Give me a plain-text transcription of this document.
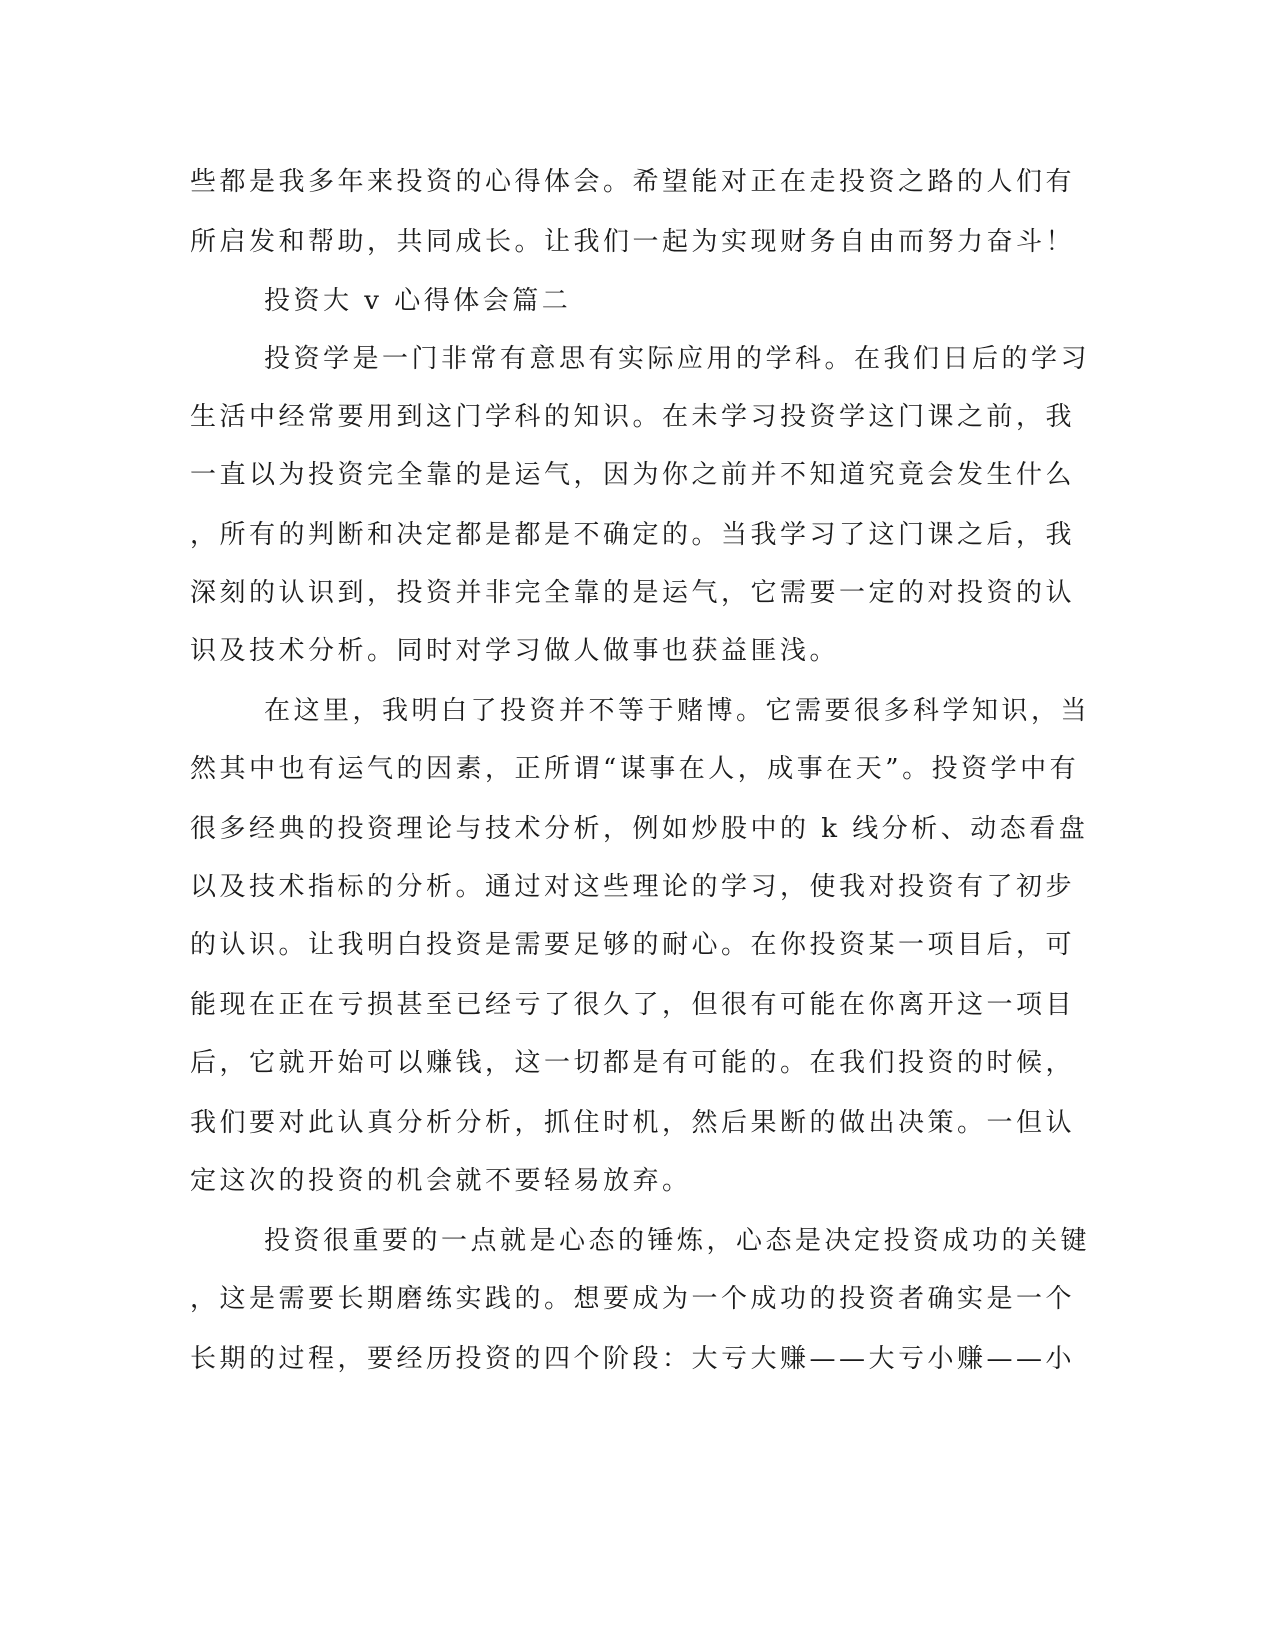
些都是我多年来投资的心得体会。希望能对正在走投资之路的人们有

所启发和帮助，共同成长。让我们一起为实现财务自由而努力奋斗！

投资大 v 心得体会篇二

投资学是一门非常有意思有实际应用的学科。在我们日后的学习

生活中经常要用到这门学科的知识。在未学习投资学这门课之前，我

一直以为投资完全靠的是运气，因为你之前并不知道究竟会发生什么

，所有的判断和决定都是都是不确定的。当我学习了这门课之后，我

深刻的认识到，投资并非完全靠的是运气，它需要一定的对投资的认

识及技术分析。同时对学习做人做事也获益匪浅。

在这里，我明白了投资并不等于赌博。它需要很多科学知识，当

然其中也有运气的因素，正所谓“谋事在人，成事在天”。投资学中有

很多经典的投资理论与技术分析，例如炒股中的 k 线分析、动态看盘

以及技术指标的分析。通过对这些理论的学习，使我对投资有了初步

的认识。让我明白投资是需要足够的耐心。在你投资某一项目后，可

能现在正在亏损甚至已经亏了很久了，但很有可能在你离开这一项目

后，它就开始可以赚钱，这一切都是有可能的。在我们投资的时候，

我们要对此认真分析分析，抓住时机，然后果断的做出决策。一但认

定这次的投资的机会就不要轻易放弃。

投资很重要的一点就是心态的锤炼，心态是决定投资成功的关键

，这是需要长期磨练实践的。想要成为一个成功的投资者确实是一个

长期的过程，要经历投资的四个阶段：大亏大赚——大亏小赚——小
